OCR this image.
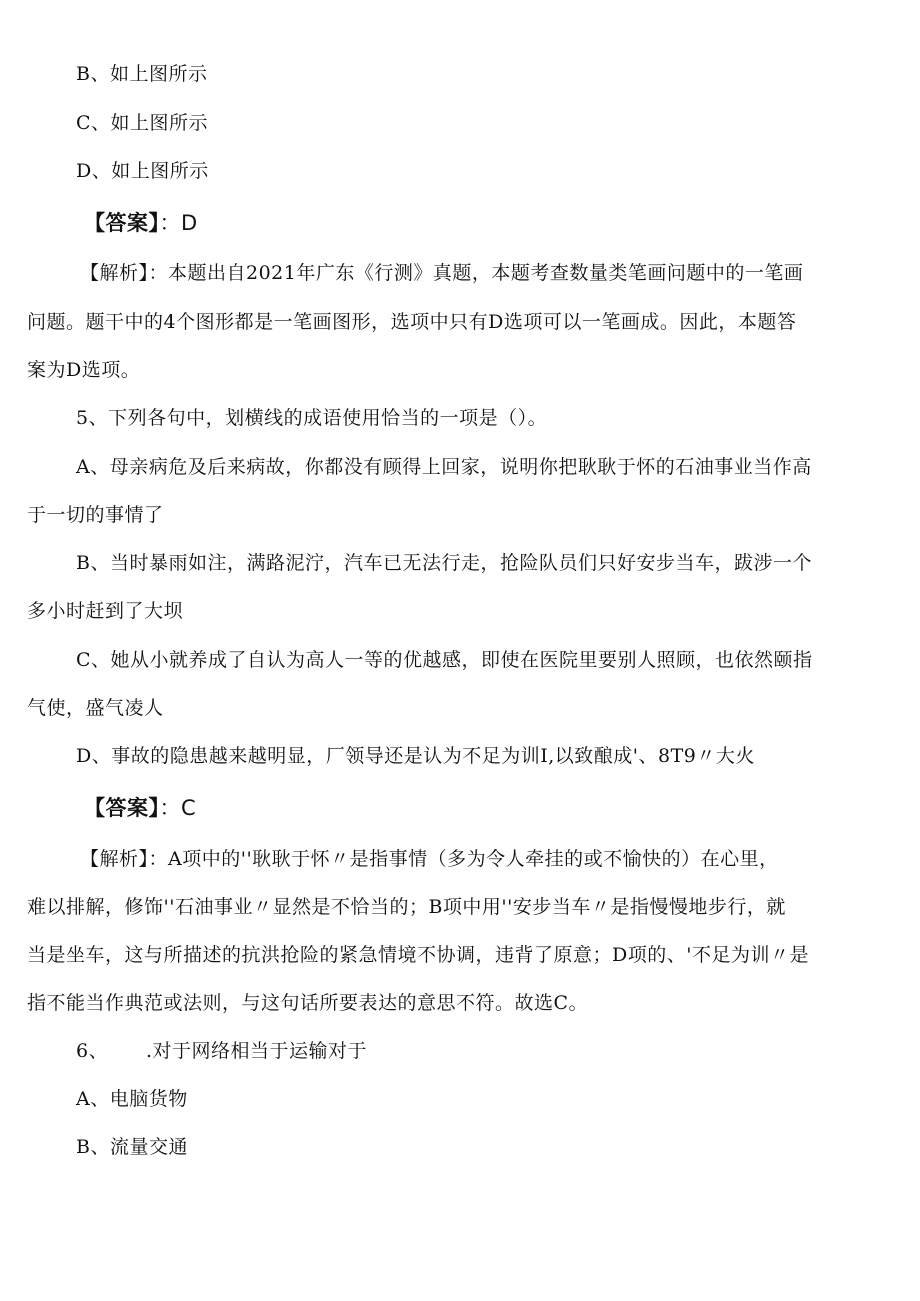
B、如上图所示
C、如上图所示
D、如上图所示
【答案】：D
【解析】：本题出自2021年广东《行测》真题，本题考查数量类笔画问题中的一笔画
问题。题干中的4个图形都是一笔画图形，选项中只有D选项可以一笔画成。因此，本题答
案为D选项。
5、下列各句中，划横线的成语使用恰当的一项是（）。
A、母亲病危及后来病故，你都没有顾得上回家，说明你把耿耿于怀的石油事业当作高
于一切的事情了
B、当时暴雨如注，满路泥泞，汽车已无法行走，抢险队员们只好安步当车，跋涉一个
多小时赶到了大坝
C、她从小就养成了自认为高人一等的优越感，即使在医院里要别人照顾，也依然颐指
气使，盛气凌人
D、事故的隐患越来越明显，厂领导还是认为不足为训I,以致酿成'、8T9〃大火
【答案】：C
【解析】：A项中的''耿耿于怀〃是指事情（多为令人牵挂的或不愉快的）在心里，
难以排解，修饰''石油事业〃显然是不恰当的；B项中用''安步当车〃是指慢慢地步行，就
当是坐车，这与所描述的抗洪抢险的紧急情境不协调，违背了原意；D项的、'不足为训〃是
指不能当作典范或法则，与这句话所要表达的意思不符。故选C。
6、 .对于网络相当于运输对于
A、电脑货物
B、流量交通
